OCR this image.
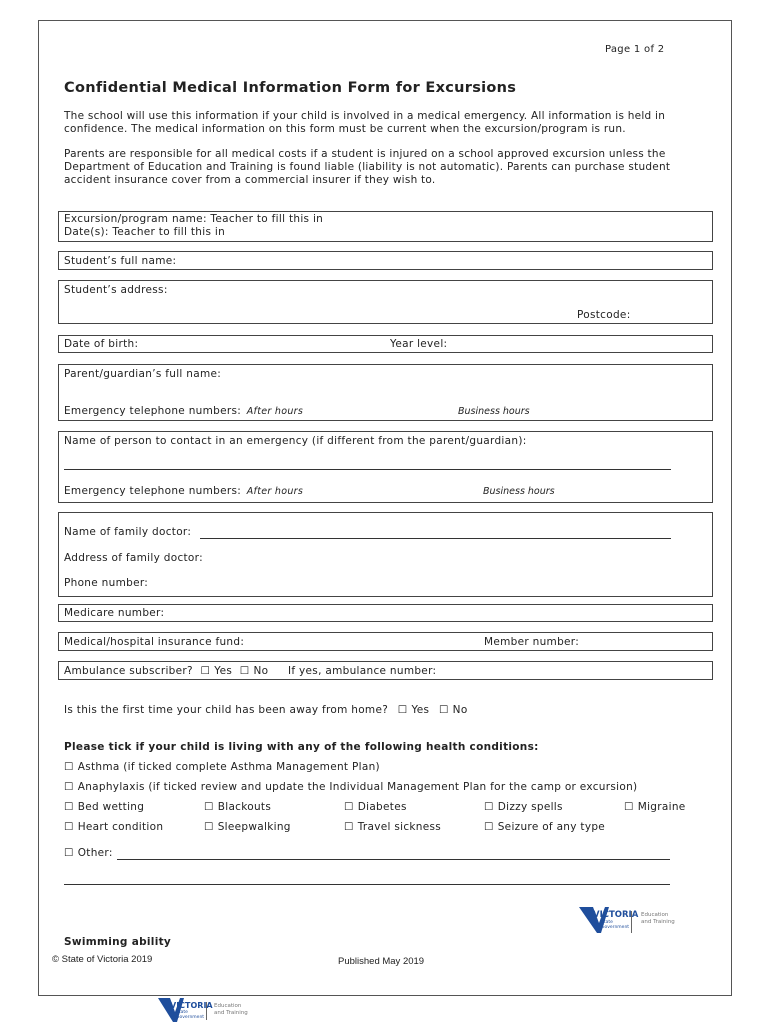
Page 1 of 2
Confidential Medical Information Form for Excursions
The school will use this information if your child is involved in a medical emergency. All information is held in confidence. The medical information on this form must be current when the excursion/program is run.
Parents are responsible for all medical costs if a student is injured on a school approved excursion unless the Department of Education and Training is found liable (liability is not automatic). Parents can purchase student accident insurance cover from a commercial insurer if they wish to.
Excursion/program name: Teacher to fill this in
Date(s): Teacher to fill this in
Student’s full name:
Student’s address:
Postcode:
Date of birth:	Year level:
Parent/guardian’s full name:
Emergency telephone numbers: After hours	Business hours
Name of person to contact in an emergency (if different from the parent/guardian):
Emergency telephone numbers: After hours	Business hours
Name of family doctor:
Address of family doctor:
Phone number:
Medicare number:
Medical/hospital insurance fund:	Member number:
Ambulance subscriber? ☐ Yes ☐ No If yes, ambulance number:
Is this the first time your child has been away from home? ☐ Yes ☐ No
Please tick if your child is living with any of the following health conditions:
☐ Asthma (if ticked complete Asthma Management Plan)
☐ Anaphylaxis (if ticked review and update the Individual Management Plan for the camp or excursion)
☐ Bed wetting	☐ Blackouts	☐ Diabetes	☐ Dizzy spells	☐ Migraine
☐ Heart condition	☐ Sleepwalking	☐ Travel sickness	☐ Seizure of any type
☐ Other:
VICTORIA
State
Government
Education
and Training
Swimming ability
© State of Victoria 2019	Published May 2019
VICTORIA
State
Government
Education
and Training
